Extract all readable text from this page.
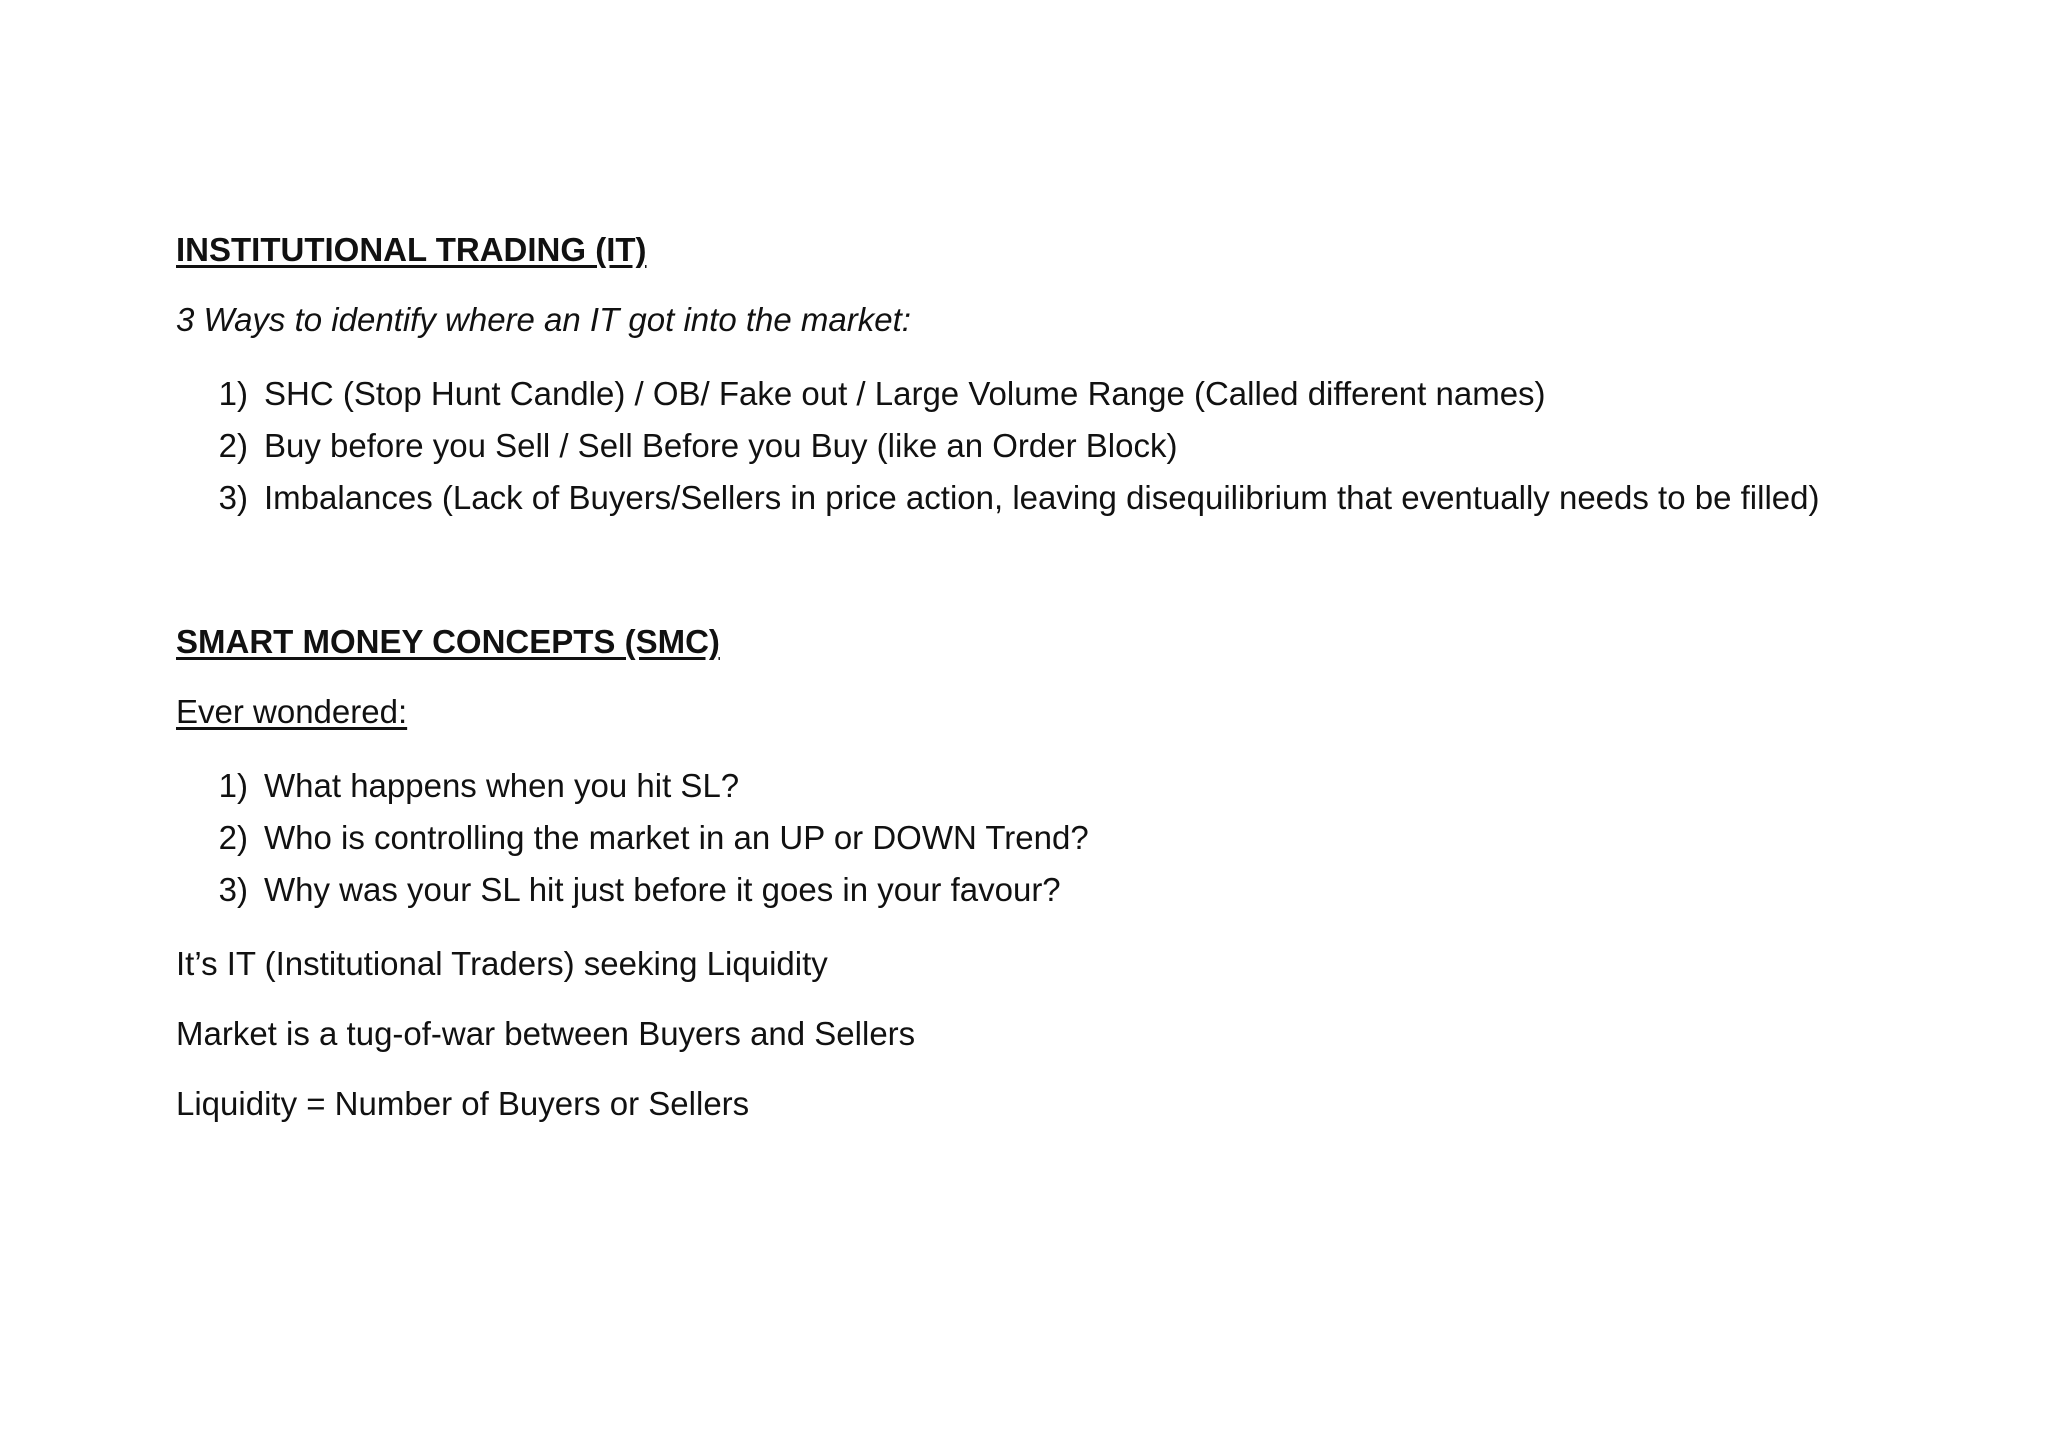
INSTITUTIONAL TRADING (IT)

3 Ways to identify where an IT got into the market:

1) SHC (Stop Hunt Candle) / OB/ Fake out / Large Volume Range (Called different names)
2) Buy before you Sell / Sell Before you Buy (like an Order Block)
3) Imbalances (Lack of Buyers/Sellers in price action, leaving disequilibrium that eventually needs to be filled)
SMART MONEY CONCEPTS (SMC)

Ever wondered:

1) What happens when you hit SL?
2) Who is controlling the market in an UP or DOWN Trend?
3) Why was your SL hit just before it goes in your favour?

It’s IT (Institutional Traders) seeking Liquidity

Market is a tug-of-war between Buyers and Sellers

Liquidity = Number of Buyers or Sellers
